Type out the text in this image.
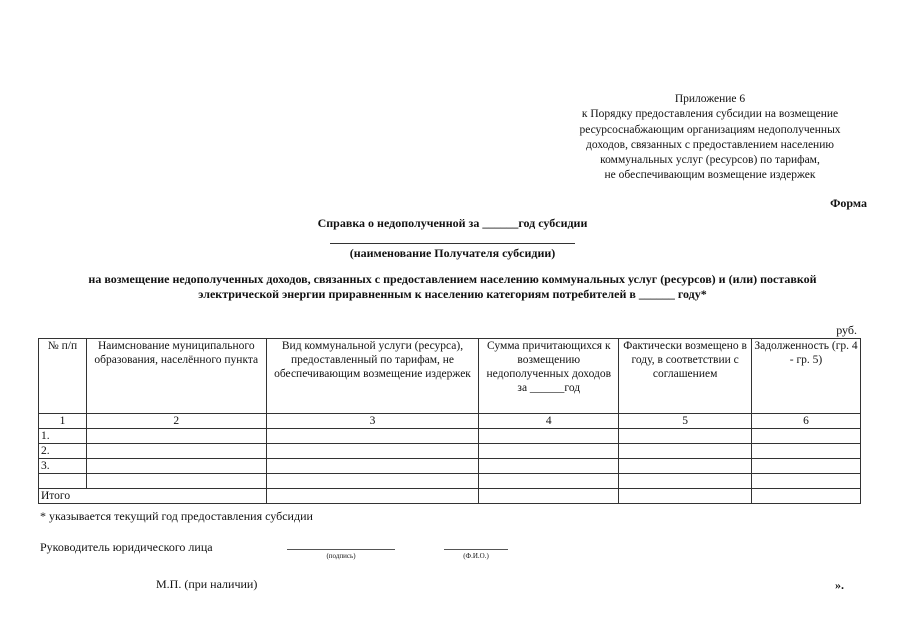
Приложение 6
к Порядку предоставления субсидии на возмещение
ресурсоснабжающим организациям недополученных
доходов, связанных с предоставлением населению
коммунальных услуг (ресурсов) по тарифам,
не обеспечивающим возмещение издержек
Форма
Справка о недополученной за ______год субсидии
(наименование Получателя субсидии)
на возмещение недополученных доходов, связанных с предоставлением населению коммунальных услуг (ресурсов) и (или) поставкой
электрической энергии приравненным к населению категориям потребителей в ______ году*
руб.
№ п/п	Наимснование муниципального образования, населённого пункта	Вид коммунальной услуги (ресурса), предоставленный по тарифам, не обеспечивающим возмещение издержек	Сумма причитающихся к возмещению недополученных доходов за ______год	Фактически возмещено в году, в соответствии с соглашением	Задолженность (гр. 4 - гр. 5)
1	2	3	4	5	6
1.					
2.					
3.					

Итого					
* указывается текущий год предоставления субсидии
Руководитель юридического лица
(подпись)	(Ф.И.О.)
М.П. (при наличии)	».
